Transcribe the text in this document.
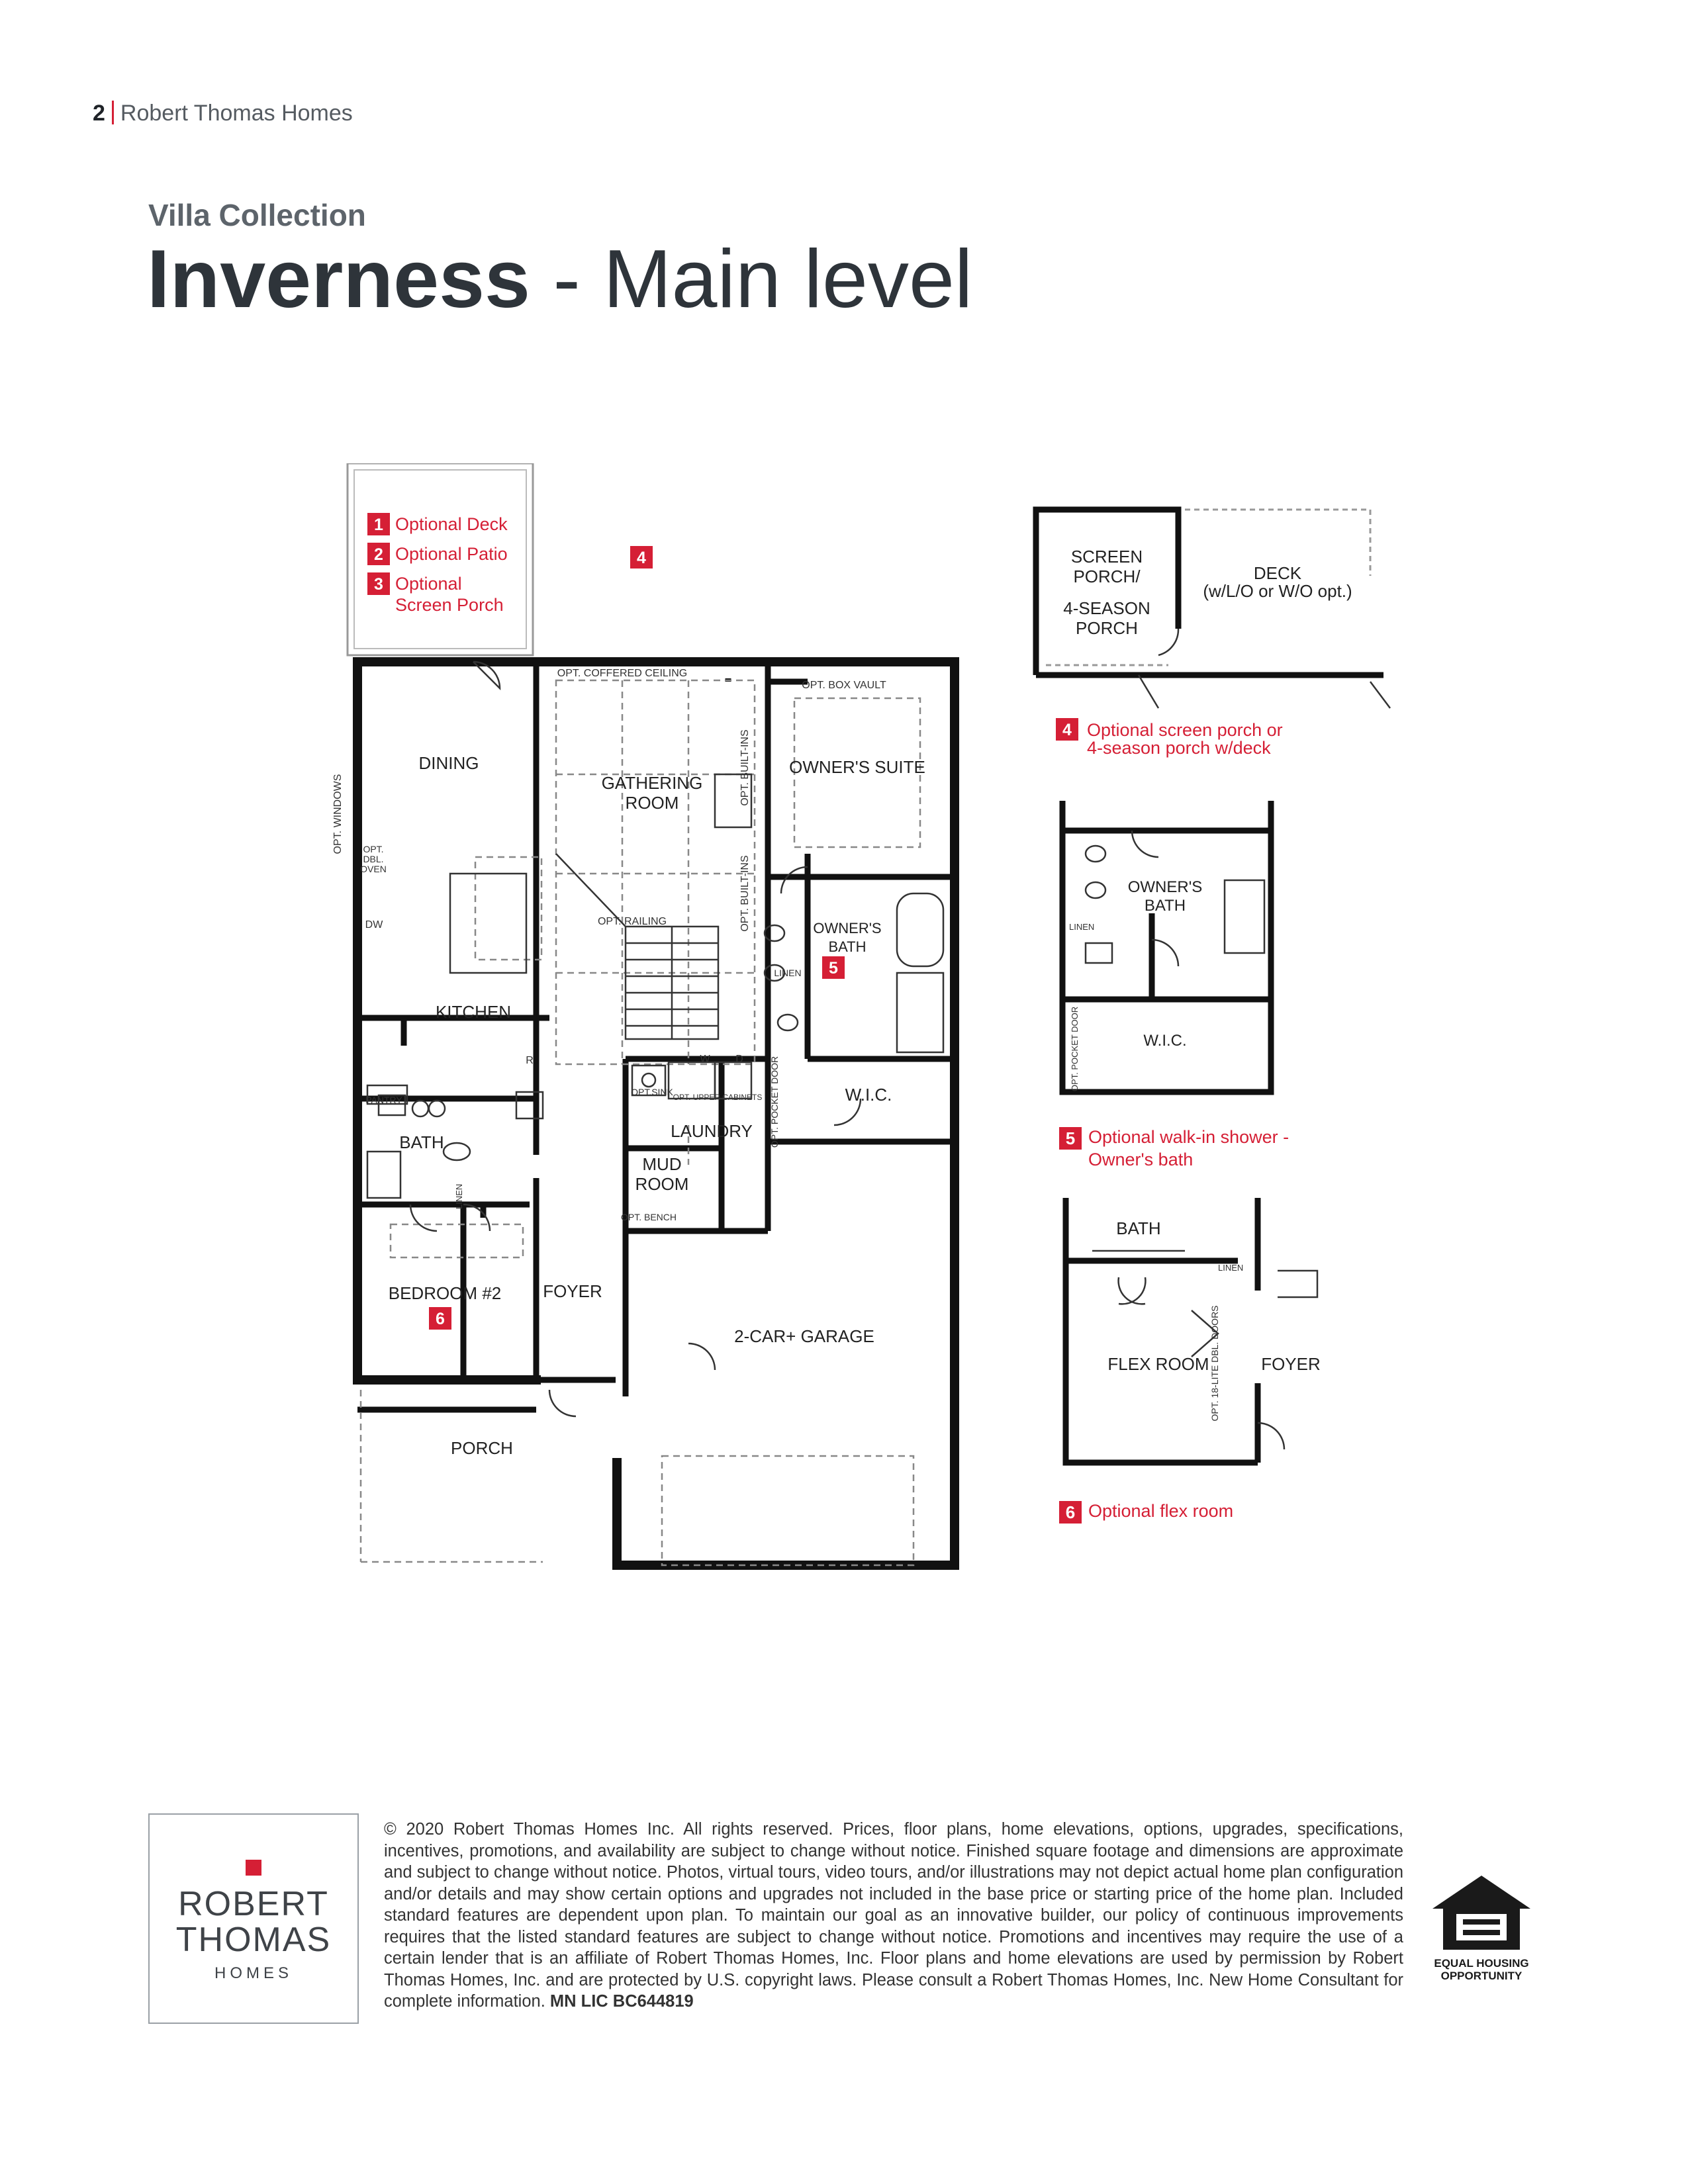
2 Robert Thomas Homes
Villa Collection
Inverness - Main level
1
2
3
4
5
6
Optional Deck
Optional Patio
Optional
Screen Porch
DINING
GATHERING
ROOM
OWNER'S SUITE
OWNER'S
BATH
KITCHEN
BATH
LAUNDRY
MUD
ROOM
W.I.C.
BEDROOM #2 FOYER
2-CAR+ GARAGE
PORCH
OPT. COFFERED CEILING
OPT. BOX VAULT
OPT. RAILING
PANTRY
DW
R	W D
OPT.SINK OPT. UPPER CABINETS
OPT. BENCH
LINEN
OPT.
DBL.
OVEN
OPT. WINDOWS
OPT. BUILT-INS
OPT. BUILT-INS
OPT. POCKET DOOR
LINEN
SCREEN
PORCH/
4-SEASON
PORCH
DECK
(w/L/O or W/O opt.)
4 Optional screen porch or
4-season porch w/deck
OWNER'S
BATH
W.I.C.
LINEN
OPT. POCKET DOOR
5 Optional walk-in shower -
Owner's bath
BATH
FLEX ROOM	FOYER
LINEN
OPT. 18-LITE DBL. DOORS
6 Optional flex room
ROBERT
THOMAS
HOMES
© 2020 Robert Thomas Homes Inc. All rights reserved. Prices, floor plans, home elevations, options, upgrades, specifications, incentives, promotions, and availability are subject to change without notice. Finished square footage and dimensions are approximate and subject to change without notice. Photos, virtual tours, video tours, and/or illustrations may not depict actual home plan configuration and/or details and may show certain options and upgrades not included in the base price or starting price of the home plan. Included standard features are dependent upon plan. To maintain our goal as an innovative builder, our policy of continuous improvements requires that the listed standard features are subject to change without notice. Promotions and incentives may require the use of a certain lender that is an affiliate of Robert Thomas Homes, Inc. Floor plans and home elevations are used by permission by Robert Thomas Homes, Inc. and are protected by U.S. copyright laws. Please consult a Robert Thomas Homes, Inc. New Home Consultant for complete information. MN LIC BC644819
EQUAL HOUSING
OPPORTUNITY
